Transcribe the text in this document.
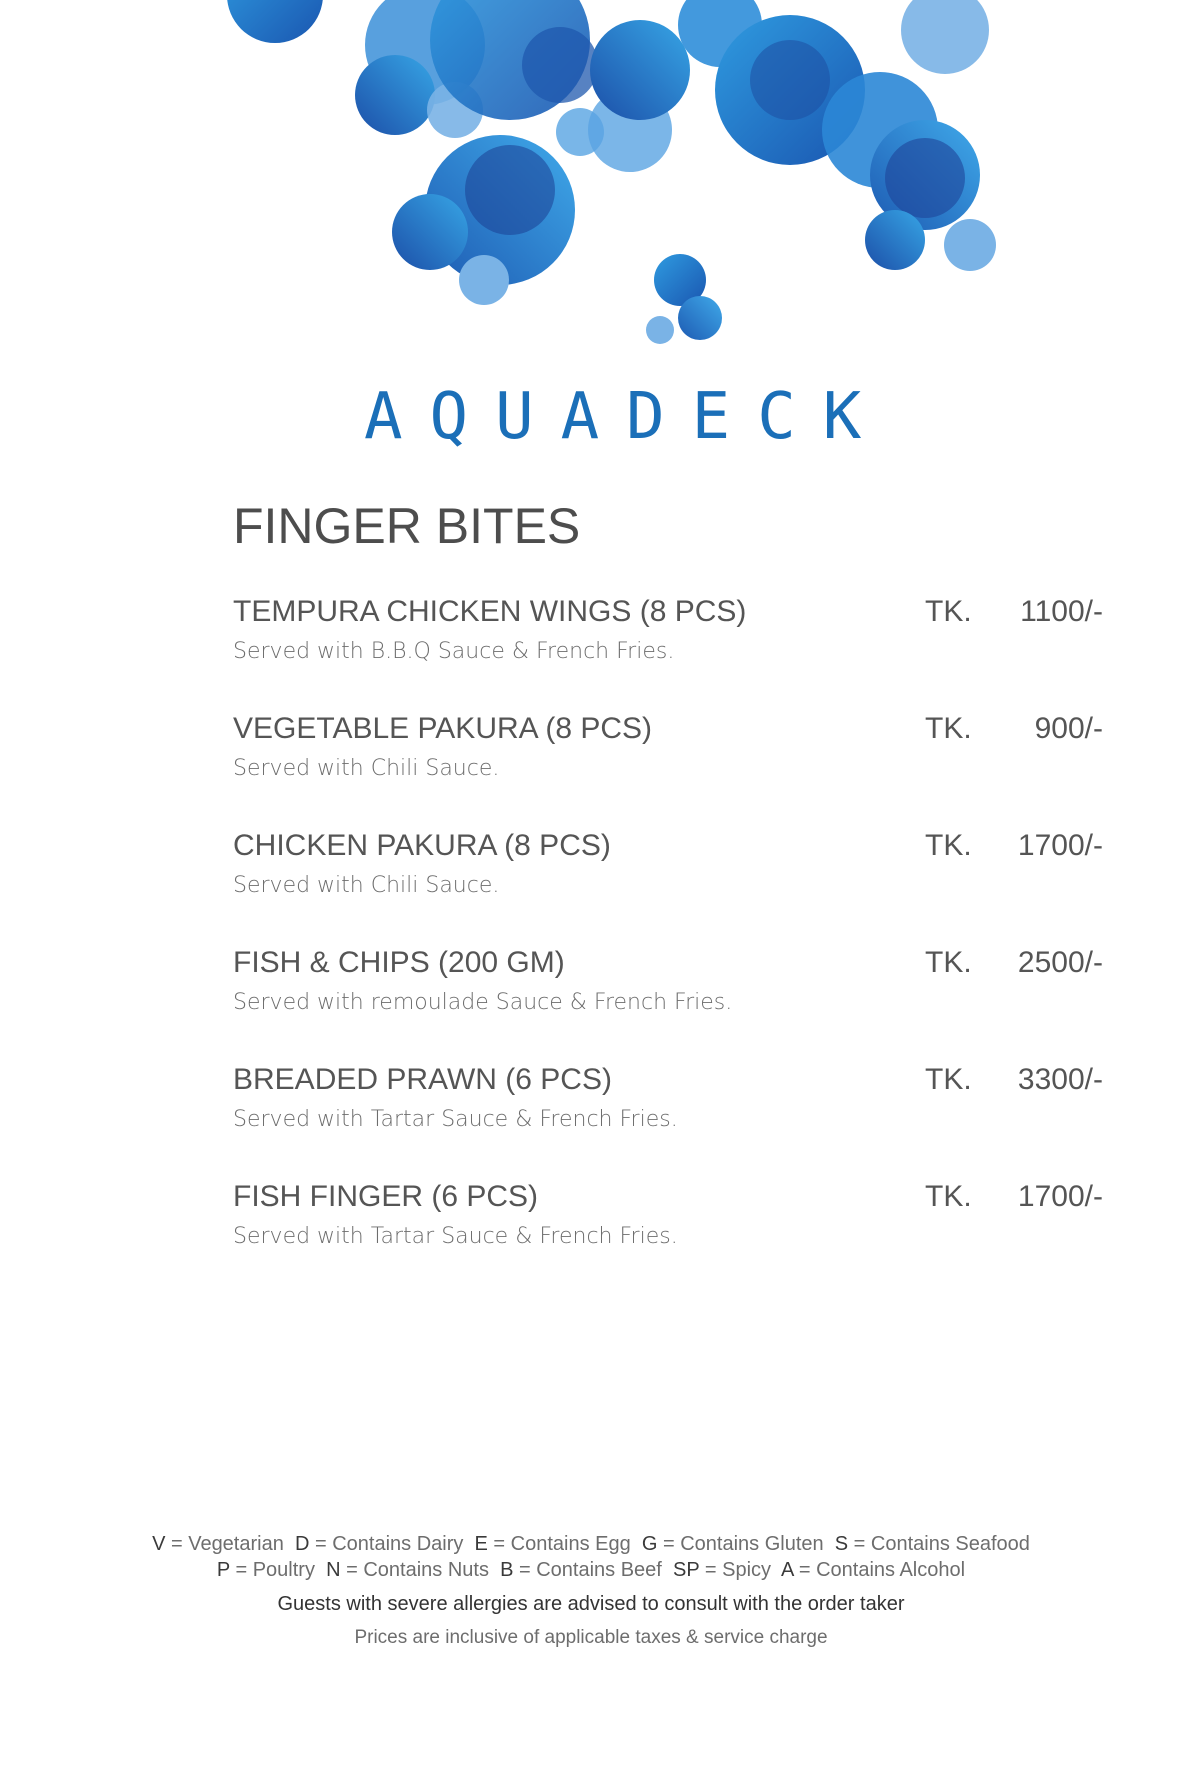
AQUADECK
FINGER BITES
TEMPURA CHICKEN WINGS (8 PCS)
Served with B.B.Q Sauce & French Fries.
TK. 1100/-
VEGETABLE PAKURA (8 PCS)
Served with Chili Sauce.
TK. 900/-
CHICKEN PAKURA (8 PCS)
Served with Chili Sauce.
TK. 1700/-
FISH & CHIPS (200 GM)
Served with remoulade Sauce & French Fries.
TK. 2500/-
BREADED PRAWN (6 PCS)
Served with Tartar Sauce & French Fries.
TK. 3300/-
FISH FINGER (6 PCS)
Served with Tartar Sauce & French Fries.
TK. 1700/-
V = Vegetarian D = Contains Dairy E = Contains Egg G = Contains Gluten S = Contains Seafood
P = Poultry N = Contains Nuts B = Contains Beef SP = Spicy A = Contains Alcohol
Guests with severe allergies are advised to consult with the order taker
Prices are inclusive of applicable taxes & service charge
